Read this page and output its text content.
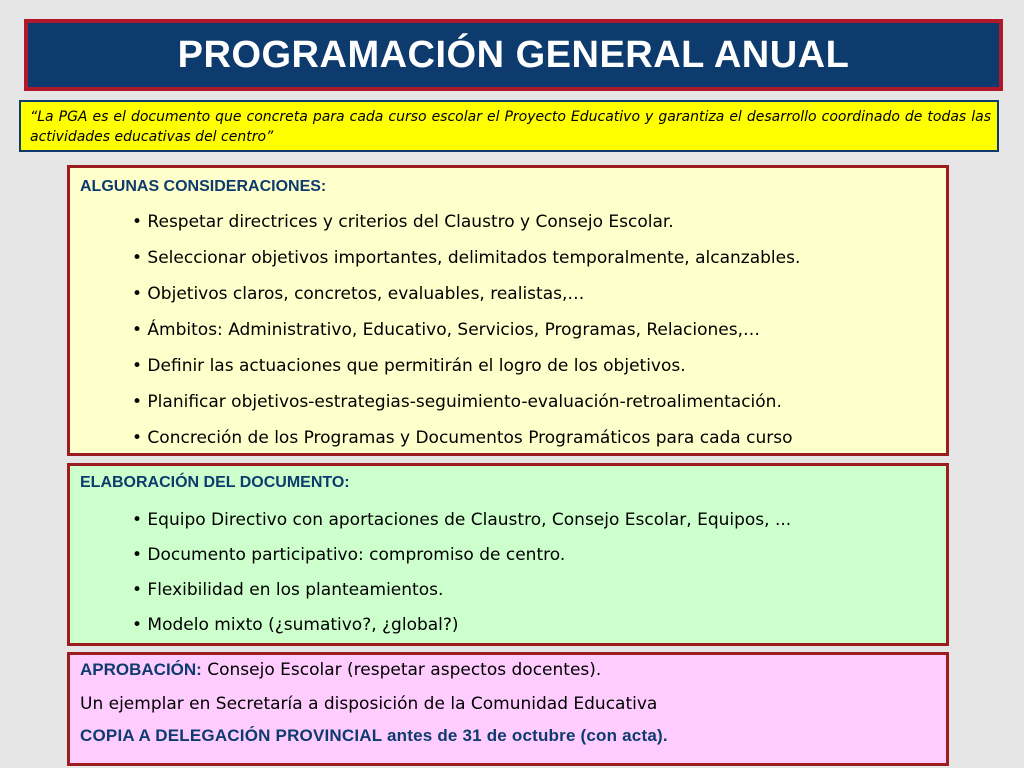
PROGRAMACIÓN GENERAL ANUAL
“La PGA es el documento que concreta para cada curso escolar el Proyecto Educativo y garantiza el desarrollo coordinado de todas las actividades educativas del centro”
ALGUNAS CONSIDERACIONES:
• Respetar directrices y criterios del Claustro y Consejo Escolar.
• Seleccionar objetivos importantes, delimitados temporalmente, alcanzables.
• Objetivos claros, concretos, evaluables, realistas,…
• Ámbitos: Administrativo, Educativo, Servicios, Programas, Relaciones,…
• Definir las actuaciones que permitirán el logro de los objetivos.
• Planificar objetivos-estrategias-seguimiento-evaluación-retroalimentación.
• Concreción de los Programas y Documentos Programáticos para cada curso
ELABORACIÓN DEL DOCUMENTO:
• Equipo Directivo con aportaciones de Claustro, Consejo Escolar, Equipos, ...
• Documento participativo: compromiso de centro.
• Flexibilidad en los planteamientos.
• Modelo mixto (¿sumativo?, ¿global?)
APROBACIÓN: Consejo Escolar (respetar aspectos docentes).
Un ejemplar en Secretaría a disposición de la Comunidad Educativa
COPIA A DELEGACIÓN PROVINCIAL antes de 31 de octubre (con acta).
